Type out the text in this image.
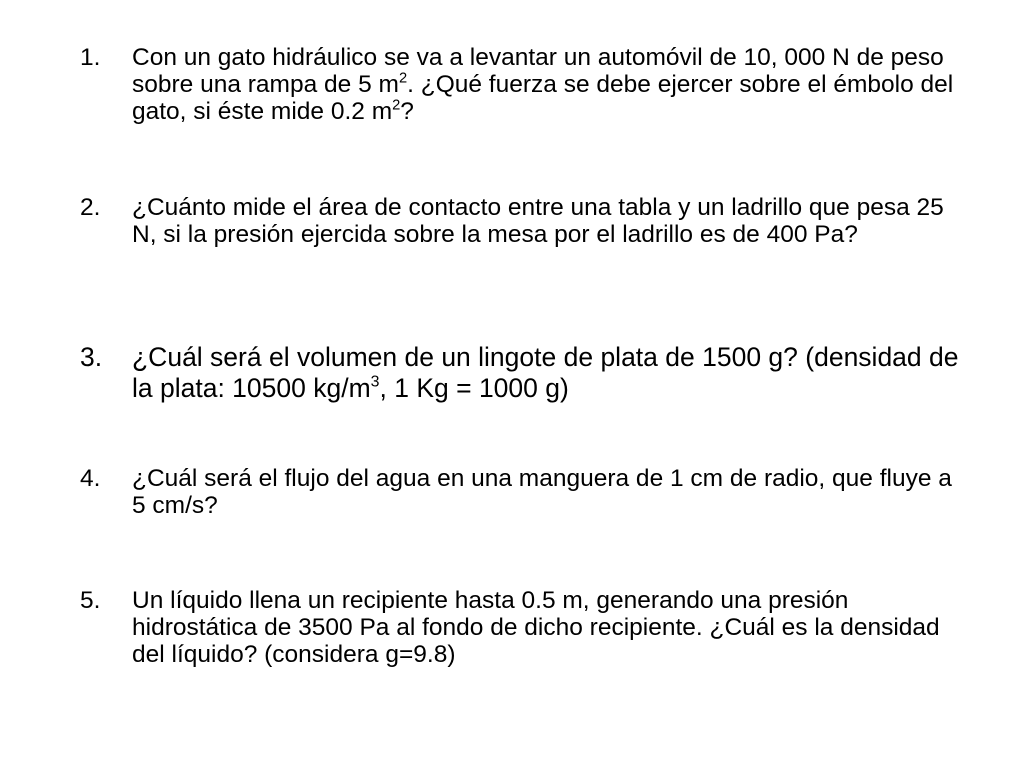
1.	Con un gato hidráulico se va a levantar un automóvil de 10, 000 N de peso sobre una rampa de 5 $m^2$. ¿Qué fuerza se debe ejercer sobre el émbolo del gato, si éste mide 0.2 $m^2$?
2.	¿Cuánto mide el área de contacto entre una tabla y un ladrillo que pesa 25 N, si la presión ejercida sobre la mesa por el ladrillo es de 400 Pa?
3.	¿Cuál será el volumen de un lingote de plata de 1500 g? (densidad de la plata: 10500 $kg/m^3$, 1 Kg = 1000 g)
4.	¿Cuál será el flujo del agua en una manguera de 1 cm de radio, que fluye a 5 cm/s?
5.	Un líquido llena un recipiente hasta 0.5 m, generando una presión hidrostática de 3500 Pa al fondo de dicho recipiente. ¿Cuál es la densidad del líquido? (considera g=9.8)
